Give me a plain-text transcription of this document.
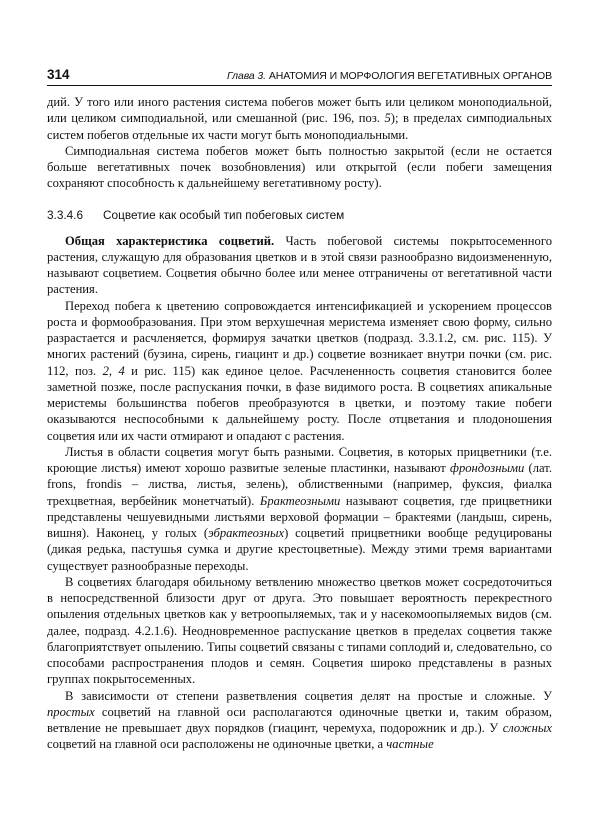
314	Глава 3. АНАТОМИЯ И МОРФОЛОГИЯ ВЕГЕТАТИВНЫХ ОРГАНОВ

дий. У того или иного растения система побегов может быть или целиком моноподиальной, или целиком симподиальной, или смешанной (рис. 196, поз. 5); в пределах симподиальных систем побегов отдельные их части могут быть моноподиальными.

Симподиальная система побегов может быть полностью закрытой (если не остается больше вегетативных почек возобновления) или открытой (если побеги замещения сохраняют способность к дальнейшему вегетативному росту).

3.3.4.6 Соцветие как особый тип побеговых систем

Общая характеристика соцветий. Часть побеговой системы покрытосеменного растения, служащую для образования цветков и в этой связи разнообразно видоизмененную, называют соцветием. Соцветия обычно более или менее отграничены от вегетативной части растения.

Переход побега к цветению сопровождается интенсификацией и ускорением процессов роста и формообразования. При этом верхушечная меристема изменяет свою форму, сильно разрастается и расчленяется, формируя зачатки цветков (подразд. 3.3.1.2, см. рис. 115). У многих растений (бузина, сирень, гиацинт и др.) соцветие возникает внутри почки (см. рис. 112, поз. 2, 4 и рис. 115) как единое целое. Расчлененность соцветия становится более заметной позже, после распускания почки, в фазе видимого роста. В соцветиях апикальные меристемы большинства побегов преобразуются в цветки, и поэтому такие побеги оказываются неспособными к дальнейшему росту. После отцветания и плодоношения соцветия или их части отмирают и опадают с растения.

Листья в области соцветия могут быть разными. Соцветия, в которых прицветники (т.е. кроющие листья) имеют хорошо развитые зеленые пластинки, называют фрондозными (лат. frons, frondis – листва, листья, зелень), облиственными (например, фуксия, фиалка трехцветная, вербейник монетчатый). Брактеозными называют соцветия, где прицветники представлены чешуевидными листьями верховой формации – брактеями (ландыш, сирень, вишня). Наконец, у голых (эбрактеозных) соцветий прицветники вообще редуцированы (дикая редька, пастушья сумка и другие крестоцветные). Между этими тремя вариантами существует разнообразные переходы.

В соцветиях благодаря обильному ветвлению множество цветков может сосредоточиться в непосредственной близости друг от друга. Это повышает вероятность перекрестного опыления отдельных цветков как у ветроопыляемых, так и у насекомоопыляемых видов (см. далее, подразд. 4.2.1.6). Неодновременное распускание цветков в пределах соцветия также благоприятствует опылению. Типы соцветий связаны с типами соплодий и, следовательно, со способами распространения плодов и семян. Соцветия широко представлены в разных группах покрытосеменных.

В зависимости от степени разветвления соцветия делят на простые и сложные. У простых соцветий на главной оси располагаются одиночные цветки и, таким образом, ветвление не превышает двух порядков (гиацинт, черемуха, подорожник и др.). У сложных соцветий на главной оси расположены не одиночные цветки, а частные
